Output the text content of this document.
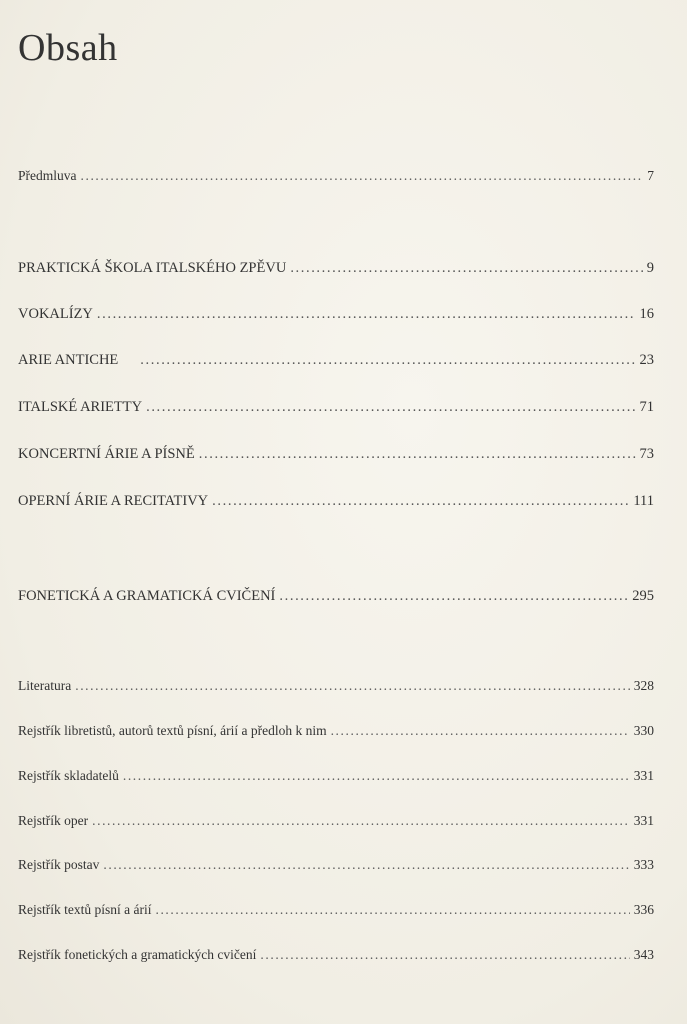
Obsah
Předmluva .....	7
PRAKTICKÁ ŠKOLA ITALSKÉHO ZPĚVU .....	9
VOKALÍZY .....	16
ARIE ANTICHE .....	23
ITALSKÉ ARIETTY .....	71
KONCERTNÍ ÁRIE A PÍSNĚ .....	73
OPERNÍ ÁRIE A RECITATIVY .....	111
FONETICKÁ A GRAMATICKÁ CVIČENÍ .....	295
Literatura .....	328
Rejstřík libretistů, autorů textů písní, árií a předloh k nim .....	330
Rejstřík skladatelů .....	331
Rejstřík oper .....	331
Rejstřík postav .....	333
Rejstřík textů písní a árií .....	336
Rejstřík fonetických a gramatických cvičení .....	343
